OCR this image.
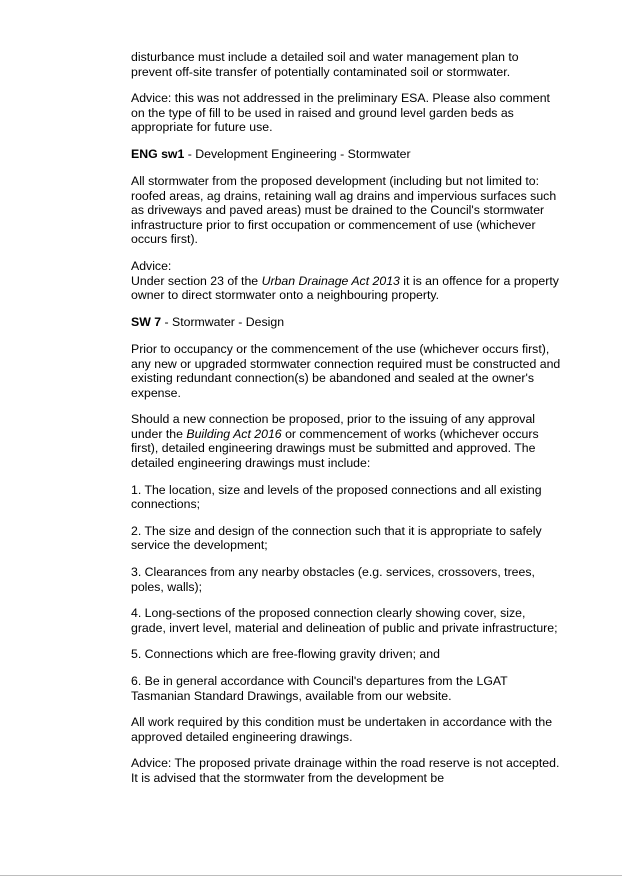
disturbance must include a detailed soil and water management plan to prevent off-site transfer of potentially contaminated soil or stormwater.

Advice: this was not addressed in the preliminary ESA. Please also comment on the type of fill to be used in raised and ground level garden beds as appropriate for future use.

ENG sw1 - Development Engineering - Stormwater

All stormwater from the proposed development (including but not limited to: roofed areas, ag drains, retaining wall ag drains and impervious surfaces such as driveways and paved areas) must be drained to the Council's stormwater infrastructure prior to first occupation or commencement of use (whichever occurs first).

Advice:

Under section 23 of the Urban Drainage Act 2013 it is an offence for a property owner to direct stormwater onto a neighbouring property.

SW 7 - Stormwater - Design

Prior to occupancy or the commencement of the use (whichever occurs first), any new or upgraded stormwater connection required must be constructed and existing redundant connection(s) be abandoned and sealed at the owner's expense.

Should a new connection be proposed, prior to the issuing of any approval under the Building Act 2016 or commencement of works (whichever occurs first), detailed engineering drawings must be submitted and approved. The detailed engineering drawings must include:

1. The location, size and levels of the proposed connections and all existing connections;

2. The size and design of the connection such that it is appropriate to safely service the development;

3. Clearances from any nearby obstacles (e.g. services, crossovers, trees, poles, walls);

4. Long-sections of the proposed connection clearly showing cover, size, grade, invert level, material and delineation of public and private infrastructure;

5. Connections which are free-flowing gravity driven; and

6. Be in general accordance with Council's departures from the LGAT Tasmanian Standard Drawings, available from our website.

All work required by this condition must be undertaken in accordance with the approved detailed engineering drawings.

Advice: The proposed private drainage within the road reserve is not accepted. It is advised that the stormwater from the development be
